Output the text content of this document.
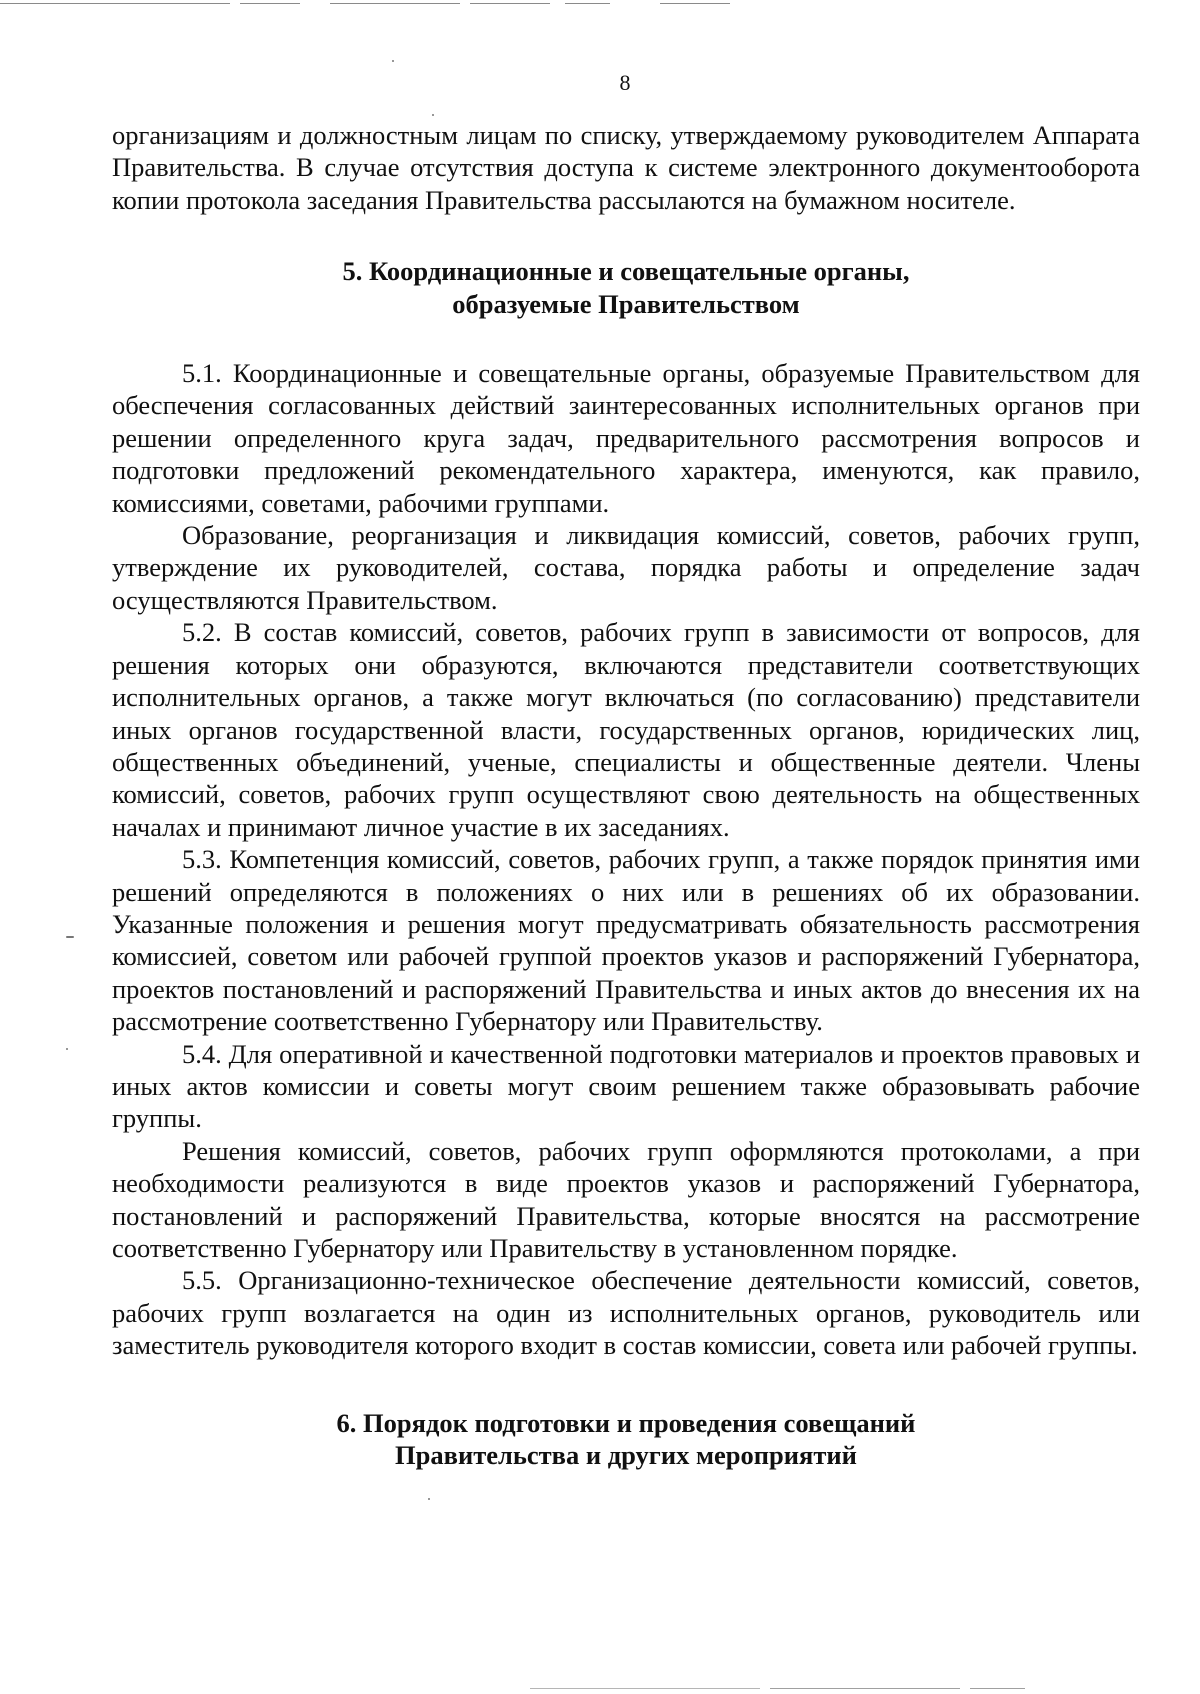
8

организациям и должностным лицам по списку, утверждаемому руководителем Аппарата Правительства. В случае отсутствия доступа к системе электронного документооборота копии протокола заседания Правительства рассылаются на бумажном носителе.

5. Координационные и совещательные органы,
образуемые Правительством

5.1. Координационные и совещательные органы, образуемые Правительством для обеспечения согласованных действий заинтересованных исполнительных органов при решении определенного круга задач, предварительного рассмотрения вопросов и подготовки предложений рекомендательного характера, именуются, как правило, комиссиями, советами, рабочими группами.

Образование, реорганизация и ликвидация комиссий, советов, рабочих групп, утверждение их руководителей, состава, порядка работы и определение задач осуществляются Правительством.

5.2. В состав комиссий, советов, рабочих групп в зависимости от вопросов, для решения которых они образуются, включаются представители соответствующих исполнительных органов, а также могут включаться (по согласованию) представители иных органов государственной власти, государственных органов, юридических лиц, общественных объединений, ученые, специалисты и общественные деятели. Члены комиссий, советов, рабочих групп осуществляют свою деятельность на общественных началах и принимают личное участие в их заседаниях.

5.3. Компетенция комиссий, советов, рабочих групп, а также порядок принятия ими решений определяются в положениях о них или в решениях об их образовании. Указанные положения и решения могут предусматривать обязательность рассмотрения комиссией, советом или рабочей группой проектов указов и распоряжений Губернатора, проектов постановлений и распоряжений Правительства и иных актов до внесения их на рассмотрение соответственно Губернатору или Правительству.

5.4. Для оперативной и качественной подготовки материалов и проектов правовых и иных актов комиссии и советы могут своим решением также образовывать рабочие группы.

Решения комиссий, советов, рабочих групп оформляются протоколами, а при необходимости реализуются в виде проектов указов и распоряжений Губернатора, постановлений и распоряжений Правительства, которые вносятся на рассмотрение соответственно Губернатору или Правительству в установленном порядке.

5.5. Организационно-техническое обеспечение деятельности комиссий, советов, рабочих групп возлагается на один из исполнительных органов, руководитель или заместитель руководителя которого входит в состав комиссии, совета или рабочей группы.

6. Порядок подготовки и проведения совещаний
Правительства и других мероприятий
